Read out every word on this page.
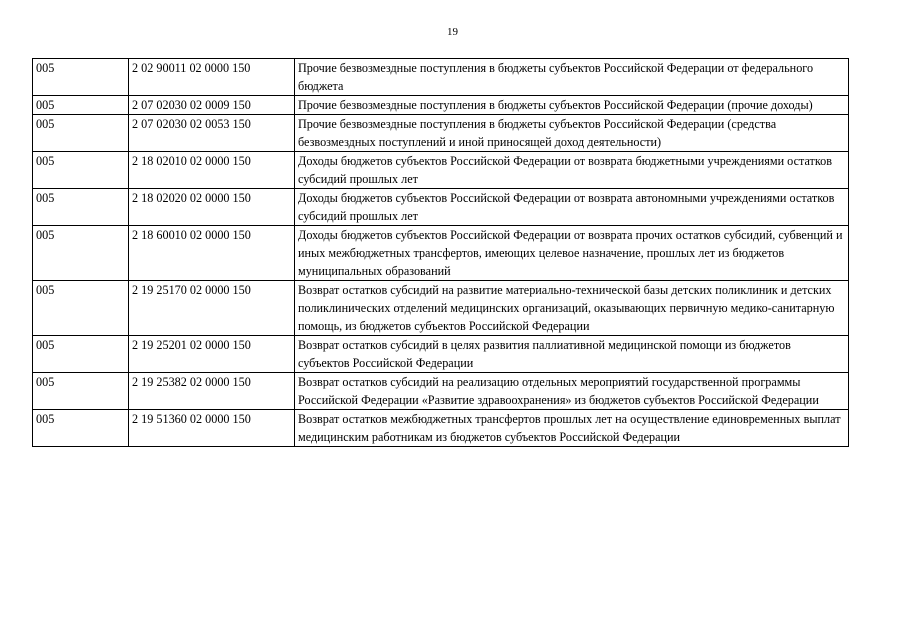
19
005	2 02 90011 02 0000 150	Прочие безвозмездные поступления в бюджеты субъектов Российской Федерации от федерального бюджета
005	2 07 02030 02 0009 150	Прочие безвозмездные поступления в бюджеты субъектов Российской Федерации (прочие доходы)
005	2 07 02030 02 0053 150	Прочие безвозмездные поступления в бюджеты субъектов Российской Федерации (средства безвозмездных поступлений и иной приносящей доход деятельности)
005	2 18 02010 02 0000 150	Доходы бюджетов субъектов Российской Федерации от возврата бюджетными учреждениями остатков субсидий прошлых лет
005	2 18 02020 02 0000 150	Доходы бюджетов субъектов Российской Федерации от возврата автономными учреждениями остатков субсидий прошлых лет
005	2 18 60010 02 0000 150	Доходы бюджетов субъектов Российской Федерации от возврата прочих остатков субсидий, субвенций и иных межбюджетных трансфертов, имеющих целевое назначение, прошлых лет из бюджетов муниципальных образований
005	2 19 25170 02 0000 150	Возврат остатков субсидий на развитие материально-технической базы детских поликлиник и детских поликлинических отделений медицинских организаций, оказывающих первичную медико-санитарную помощь, из бюджетов субъектов Российской Федерации
005	2 19 25201 02 0000 150	Возврат остатков субсидий в целях развития паллиативной медицинской помощи из бюджетов субъектов Российской Федерации
005	2 19 25382 02 0000 150	Возврат остатков субсидий на реализацию отдельных мероприятий государственной программы Российской Федерации «Развитие здравоохранения» из бюджетов субъектов Российской Федерации
005	2 19 51360 02 0000 150	Возврат остатков межбюджетных трансфертов прошлых лет на осуществление единовременных выплат медицинским работникам из бюджетов субъектов Российской Федерации
